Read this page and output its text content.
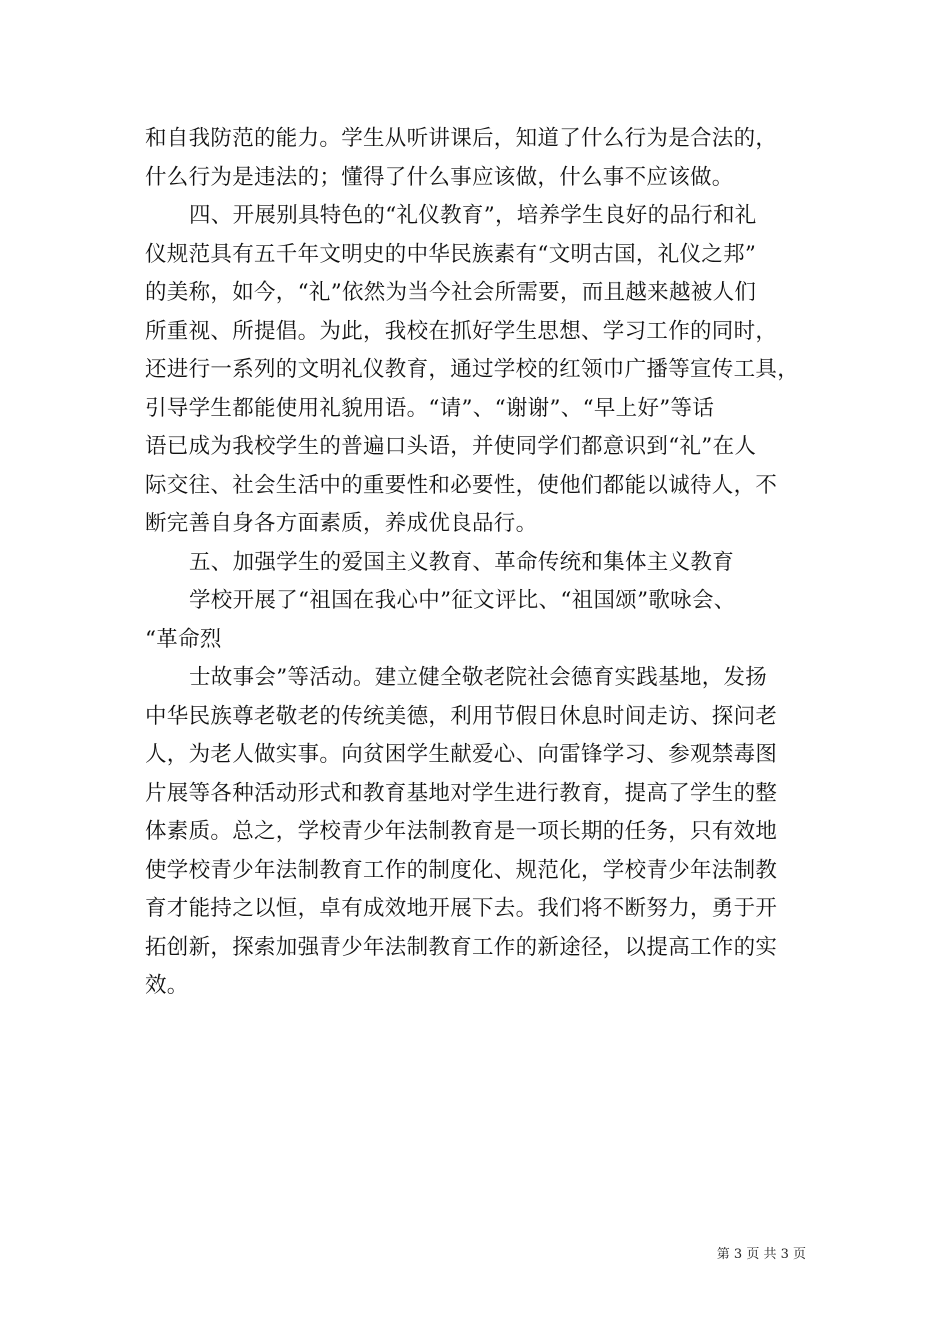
和自我防范的能力。学生从听讲课后，知道了什么行为是合法的，
什么行为是违法的；懂得了什么事应该做，什么事不应该做。
四、开展别具特色的“礼仪教育”，培养学生良好的品行和礼
仪规范具有五千年文明史的中华民族素有“文明古国，礼仪之邦”
的美称，如今，“礼”依然为当今社会所需要，而且越来越被人们
所重视、所提倡。为此，我校在抓好学生思想、学习工作的同时，
还进行一系列的文明礼仪教育，通过学校的红领巾广播等宣传工具，
引导学生都能使用礼貌用语。“请”、“谢谢”、“早上好”等话
语已成为我校学生的普遍口头语，并使同学们都意识到“礼”在人
际交往、社会生活中的重要性和必要性，使他们都能以诚待人，不
断完善自身各方面素质，养成优良品行。
五、加强学生的爱国主义教育、革命传统和集体主义教育
学校开展了“祖国在我心中”征文评比、“祖国颂”歌咏会、
“革命烈
士故事会”等活动。建立健全敬老院社会德育实践基地，发扬
中华民族尊老敬老的传统美德，利用节假日休息时间走访、探问老
人，为老人做实事。向贫困学生献爱心、向雷锋学习、参观禁毒图
片展等各种活动形式和教育基地对学生进行教育，提高了学生的整
体素质。总之，学校青少年法制教育是一项长期的任务，只有效地
使学校青少年法制教育工作的制度化、规范化，学校青少年法制教
育才能持之以恒，卓有成效地开展下去。我们将不断努力，勇于开
拓创新，探索加强青少年法制教育工作的新途径，以提高工作的实
效。
第 3 页 共 3 页
